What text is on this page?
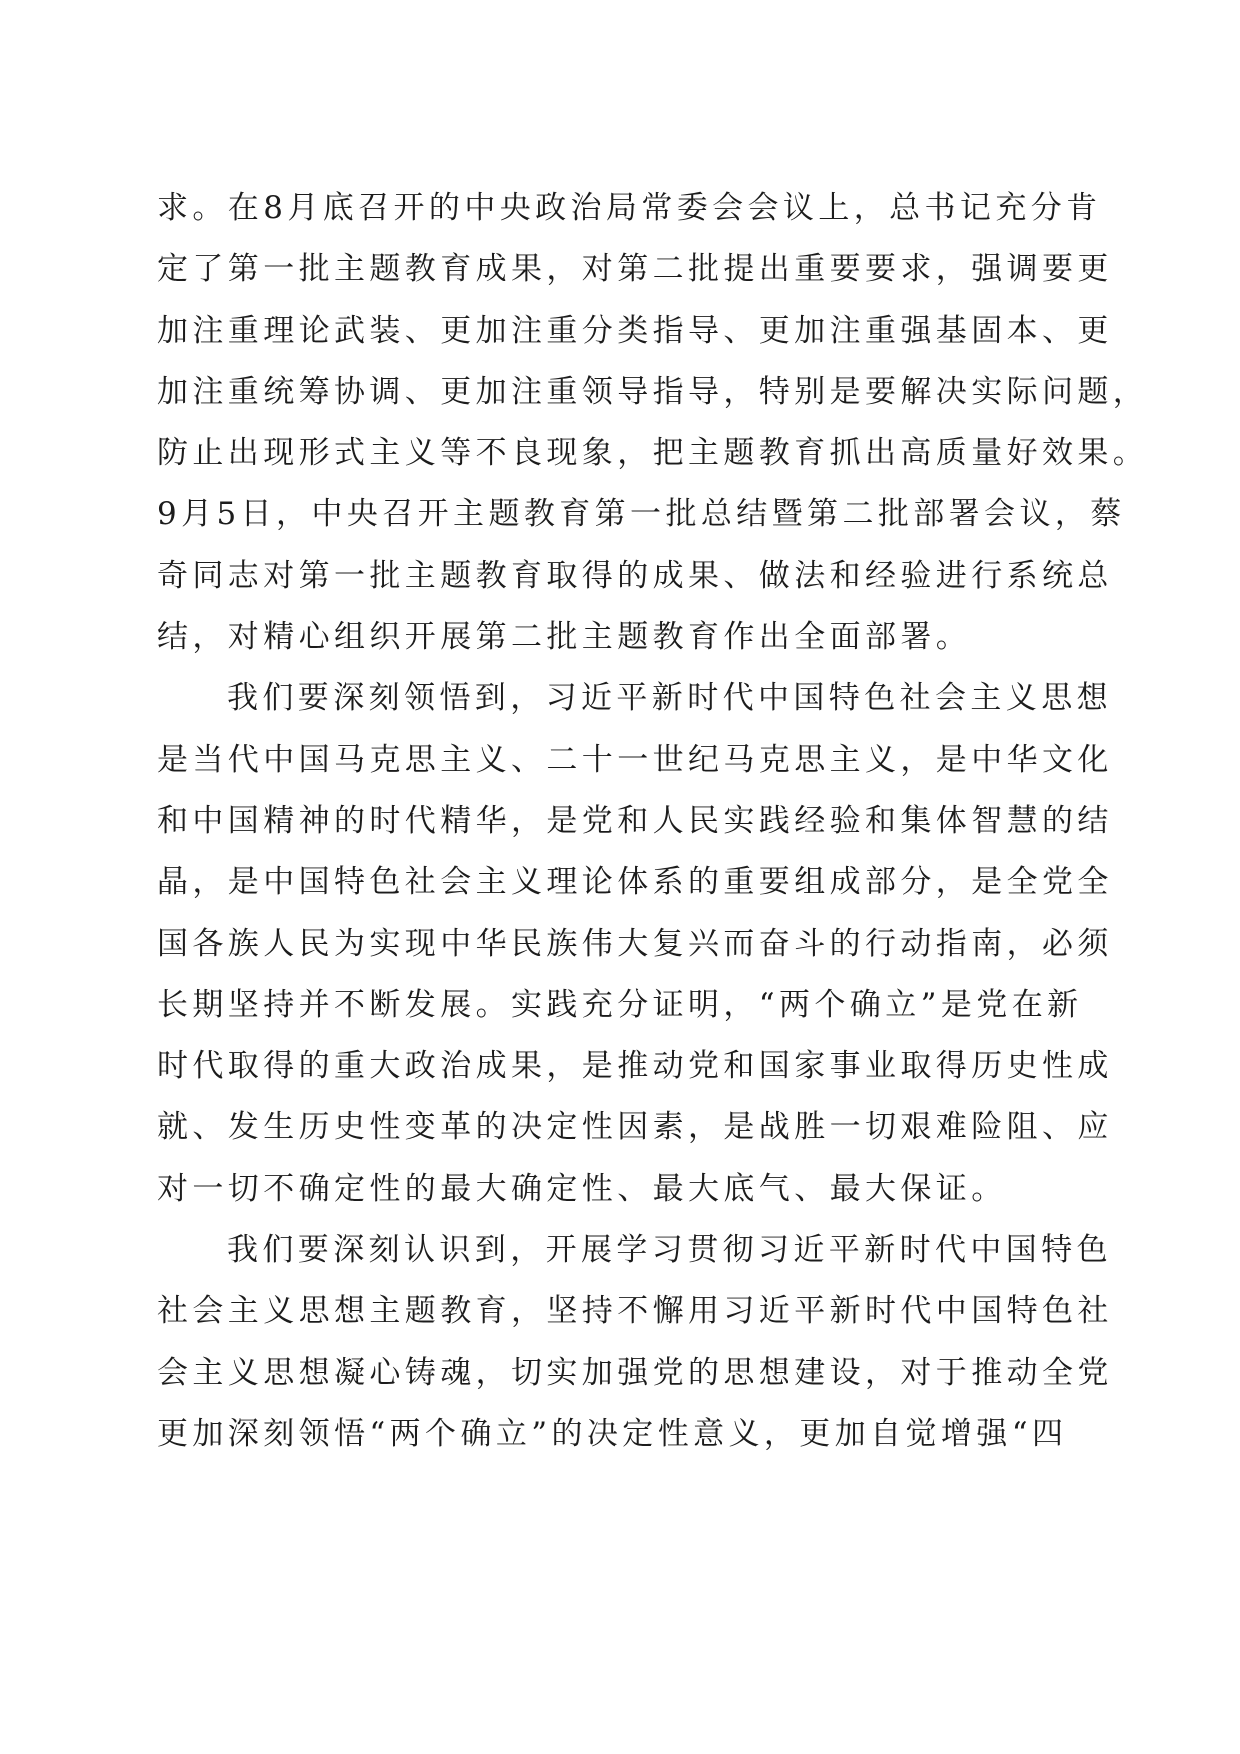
求。在8月底召开的中央政治局常委会会议上，总书记充分肯
定了第一批主题教育成果，对第二批提出重要要求，强调要更
加注重理论武装、更加注重分类指导、更加注重强基固本、更
加注重统筹协调、更加注重领导指导，特别是要解决实际问题，
防止出现形式主义等不良现象，把主题教育抓出高质量好效果。
9月5日，中央召开主题教育第一批总结暨第二批部署会议，蔡
奇同志对第一批主题教育取得的成果、做法和经验进行系统总
结，对精心组织开展第二批主题教育作出全面部署。
我们要深刻领悟到，习近平新时代中国特色社会主义思想
是当代中国马克思主义、二十一世纪马克思主义，是中华文化
和中国精神的时代精华，是党和人民实践经验和集体智慧的结
晶，是中国特色社会主义理论体系的重要组成部分，是全党全
国各族人民为实现中华民族伟大复兴而奋斗的行动指南，必须
长期坚持并不断发展。实践充分证明，“两个确立”是党在新
时代取得的重大政治成果，是推动党和国家事业取得历史性成
就、发生历史性变革的决定性因素，是战胜一切艰难险阻、应
对一切不确定性的最大确定性、最大底气、最大保证。
我们要深刻认识到，开展学习贯彻习近平新时代中国特色
社会主义思想主题教育，坚持不懈用习近平新时代中国特色社
会主义思想凝心铸魂，切实加强党的思想建设，对于推动全党
更加深刻领悟“两个确立”的决定性意义，更加自觉增强“四
